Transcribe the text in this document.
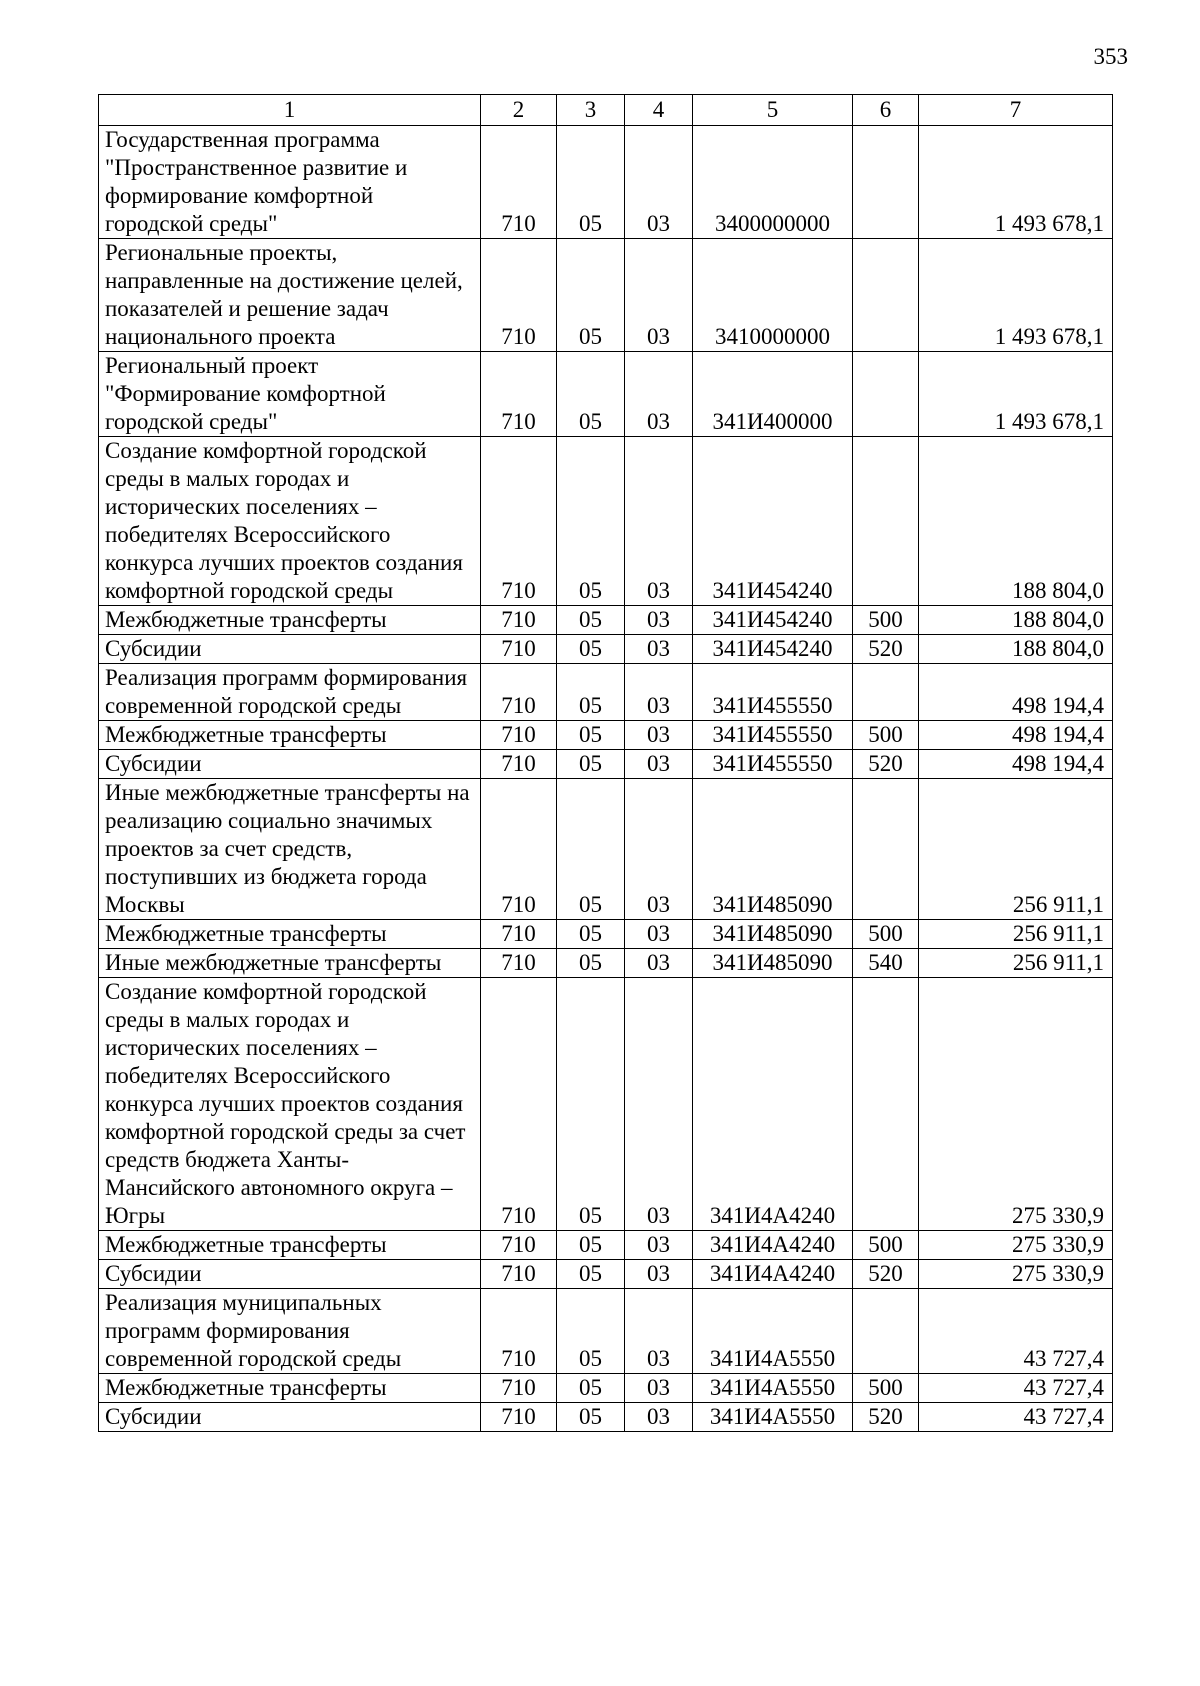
353
1	2	3	4	5	6	7
Государственная программа "Пространственное развитие и формирование комфортной городской среды"	710	05	03	3400000000		1 493 678,1
Региональные проекты, направленные на достижение целей, показателей и решение задач национального проекта	710	05	03	3410000000		1 493 678,1
Региональный проект "Формирование комфортной городской среды"	710	05	03	341И400000		1 493 678,1
Создание комфортной городской среды в малых городах и исторических поселениях – победителях Всероссийского конкурса лучших проектов создания комфортной городской среды	710	05	03	341И454240		188 804,0
Межбюджетные трансферты	710	05	03	341И454240	500	188 804,0
Субсидии	710	05	03	341И454240	520	188 804,0
Реализация программ формирования современной городской среды	710	05	03	341И455550		498 194,4
Межбюджетные трансферты	710	05	03	341И455550	500	498 194,4
Субсидии	710	05	03	341И455550	520	498 194,4
Иные межбюджетные трансферты на реализацию социально значимых проектов за счет средств, поступивших из бюджета города Москвы	710	05	03	341И485090		256 911,1
Межбюджетные трансферты	710	05	03	341И485090	500	256 911,1
Иные межбюджетные трансферты	710	05	03	341И485090	540	256 911,1
Создание комфортной городской среды в малых городах и исторических поселениях – победителях Всероссийского конкурса лучших проектов создания комфортной городской среды за счет средств бюджета Ханты-Мансийского автономного округа – Югры	710	05	03	341И4А4240		275 330,9
Межбюджетные трансферты	710	05	03	341И4А4240	500	275 330,9
Субсидии	710	05	03	341И4А4240	520	275 330,9
Реализация муниципальных программ формирования современной городской среды	710	05	03	341И4А5550		43 727,4
Межбюджетные трансферты	710	05	03	341И4А5550	500	43 727,4
Субсидии	710	05	03	341И4А5550	520	43 727,4
